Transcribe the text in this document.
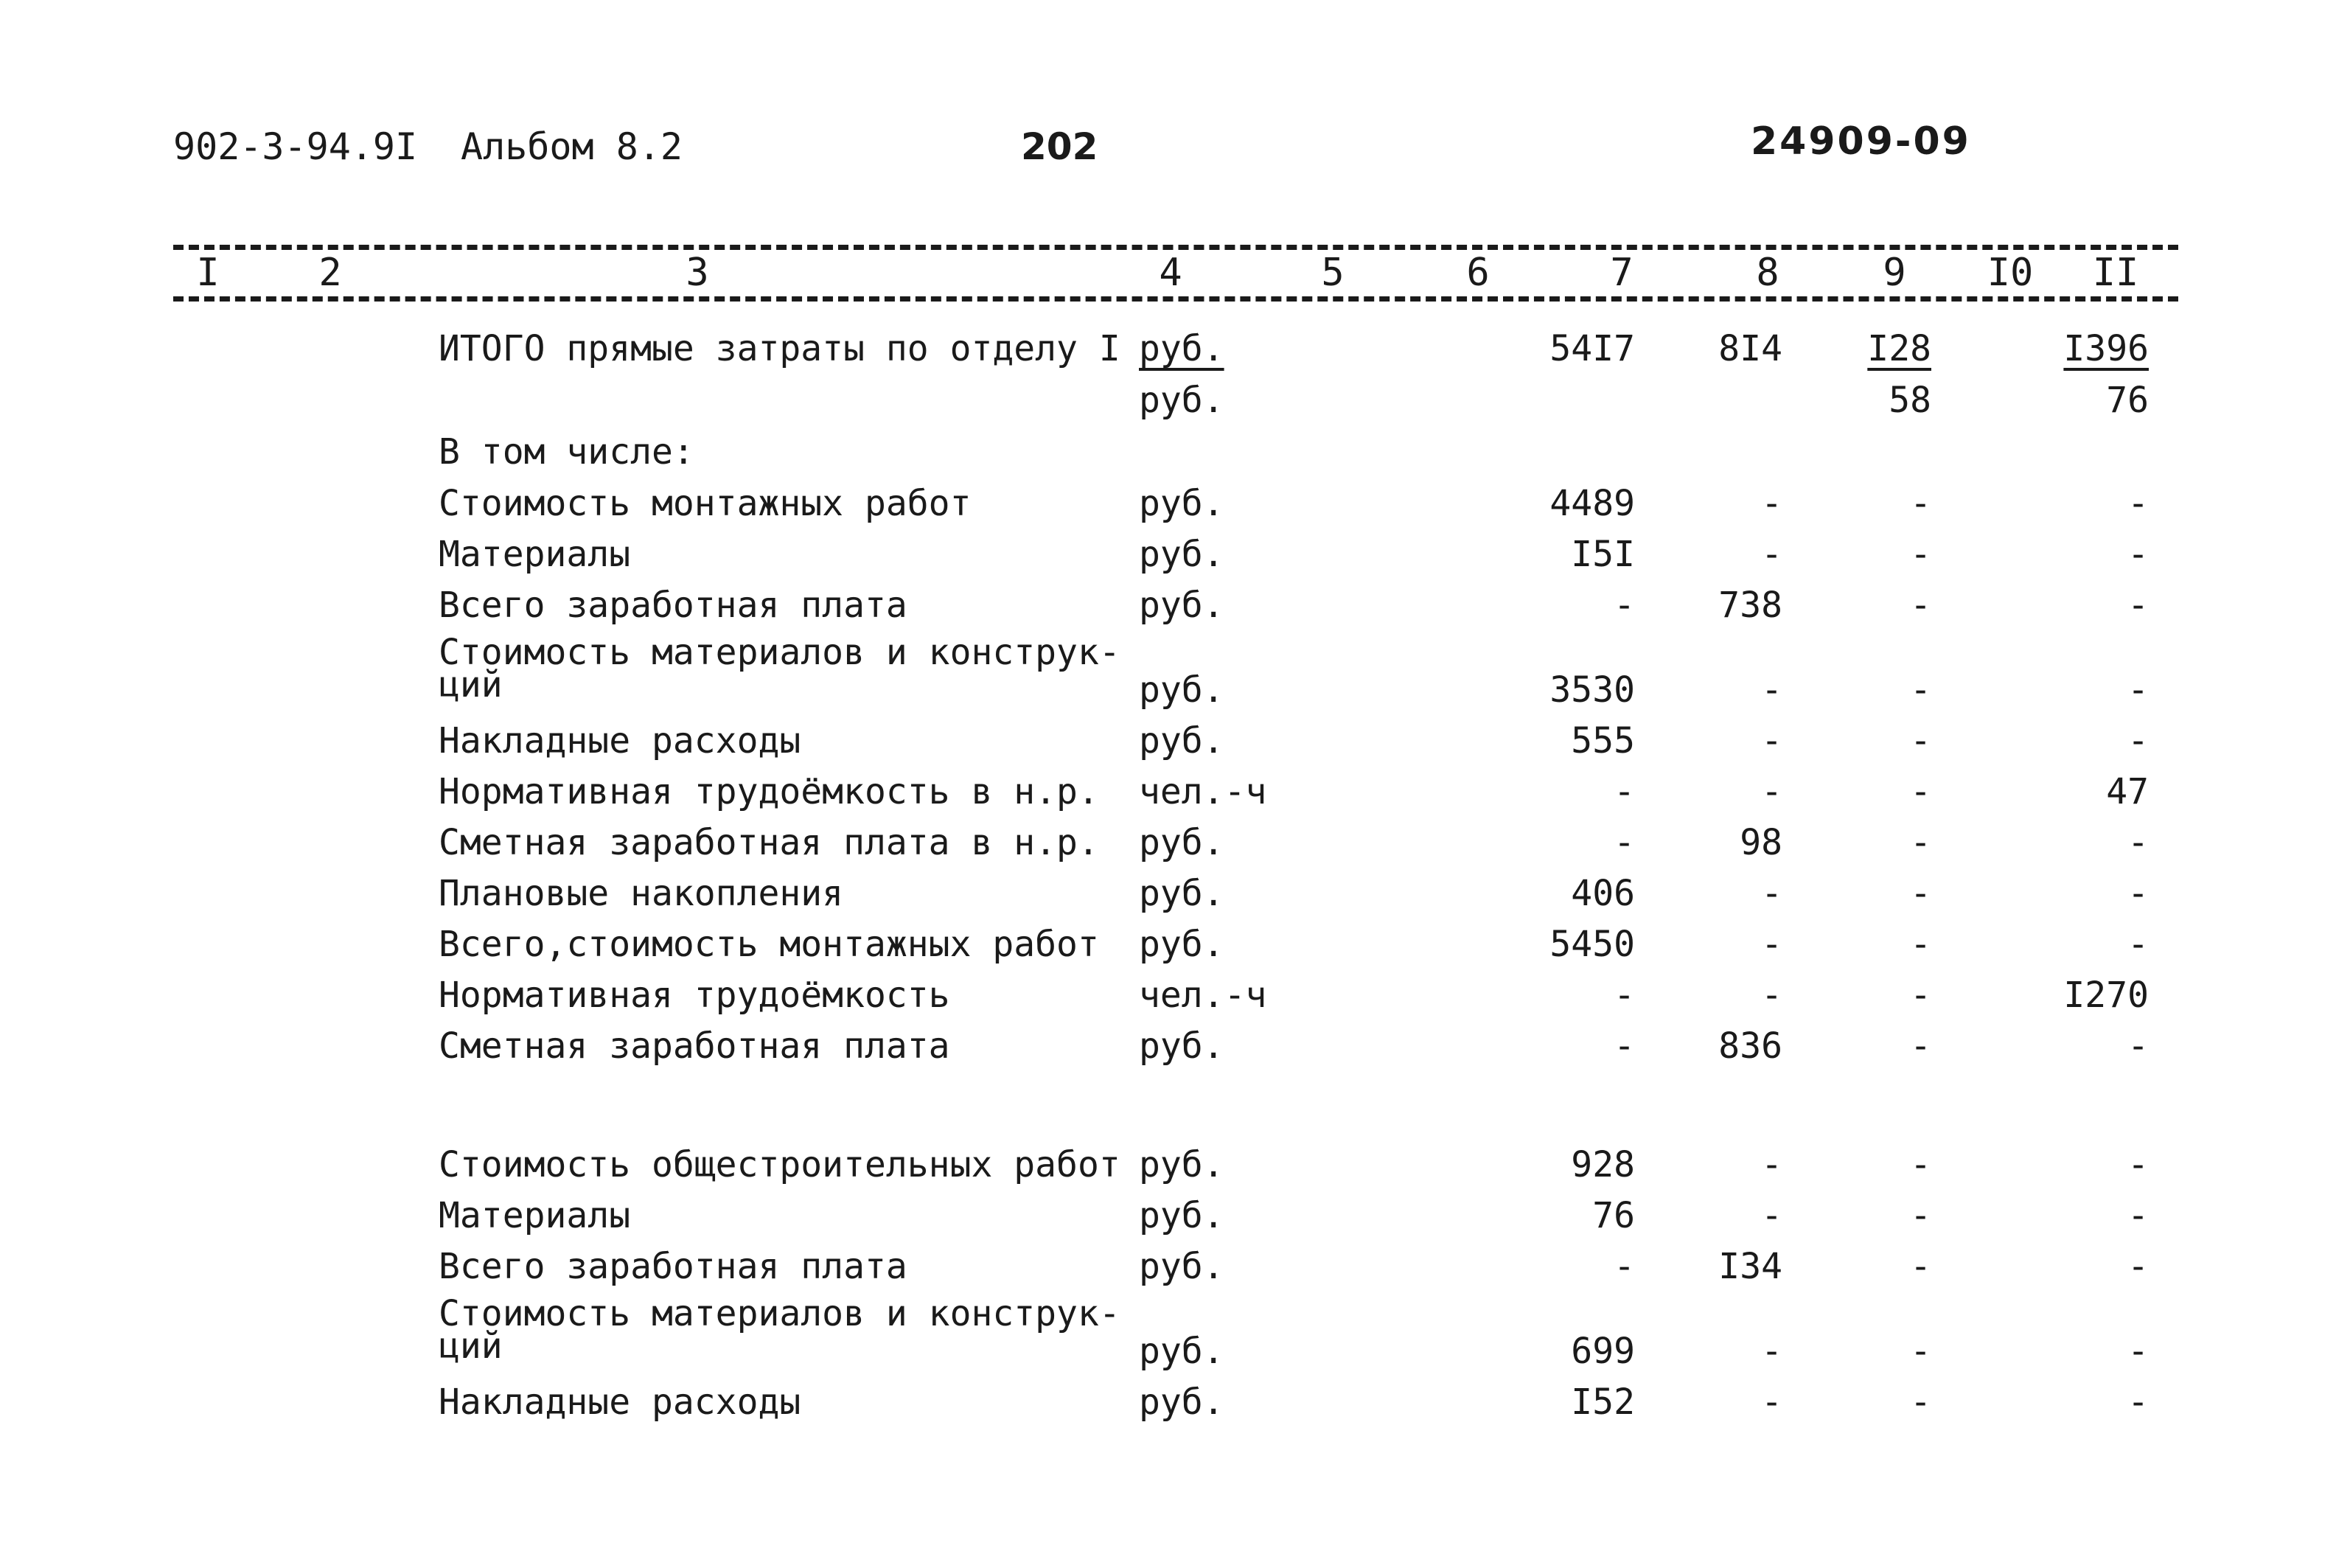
902-3-94.9I Альбом 8.2	202	24909-09
I	2	3	4	5	6	7	8	9 I0 II
ИТОГО прямые затраты по отделу I руб.	54I7 8I4 I28	I396
руб.	58	76
В том числе:
Стоимость монтажных работ	руб.	4489	-	-	-
Материалы	руб.	I5I	-	-	-
Всего заработная плата	руб.	- 738	-	-
Стоимость материалов и конструк-
ций	руб.	3530	-	-	-
Накладные расходы	руб.	555	-	-	-
Нормативная трудоёмкость в н.р. чел.-ч	-	-	-	47
Сметная заработная плата в н.р. руб.	-	98	-	-
Плановые накопления	руб.	406	-	-	-
Всего,стоимость монтажных работ руб.	5450	-	-	-
Нормативная трудоёмкость	чел.-ч	-	-	-	I270
Сметная заработная плата	руб.	- 836	-	-
Стоимость общестроительных работ руб.	928	-	-	-
Материалы	руб.	76	-	-	-
Всего заработная плата	руб.	- I34	-	-
Стоимость материалов и конструк-
ций	руб.	699	-	-	-
Накладные расходы	руб.	I52	-	-	-
